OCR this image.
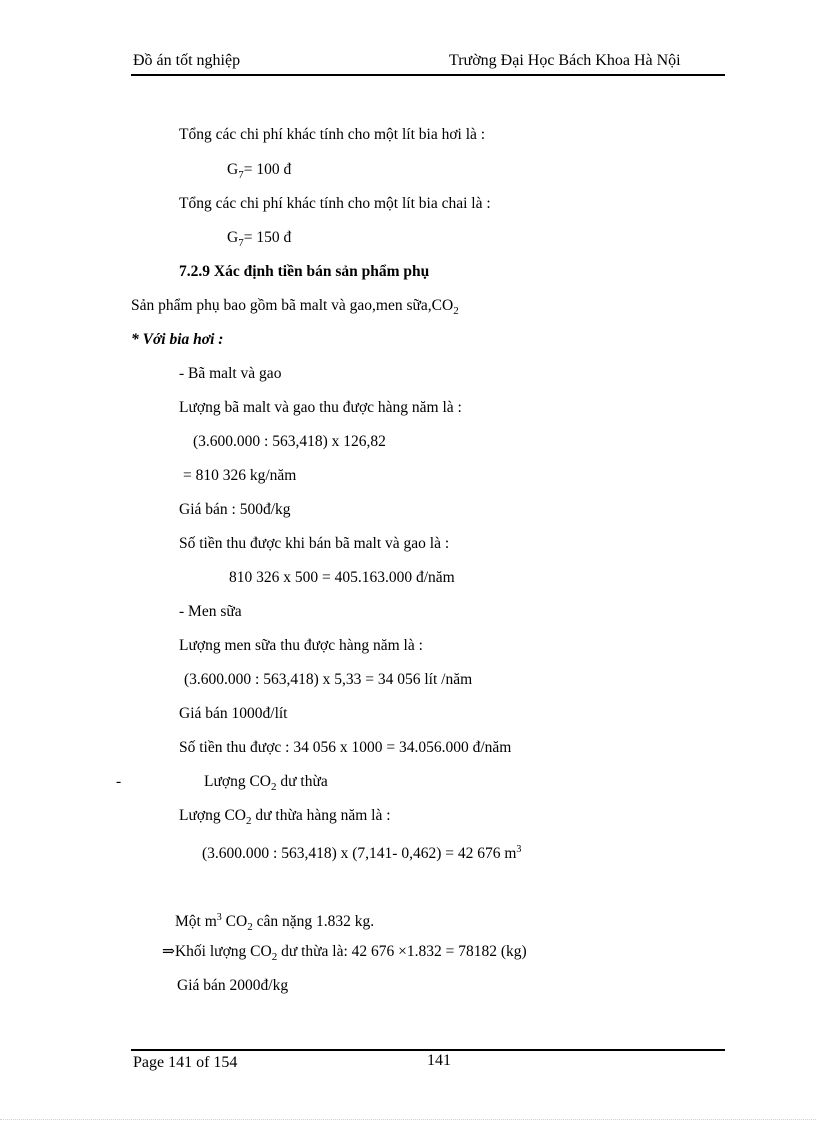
Đồ án tốt nghiệp	Trường Đại Học Bách Khoa Hà Nội
Tổng các chi phí khác tính cho một lít bia hơi là :
$G_7= 100$ đ
Tổng các chi phí khác tính cho một lít bia chai là :
$G_7= 150$ đ
7.2.9 Xác định tiền bán sản phẩm phụ
Sản phẩm phụ bao gồm bã malt và gao,men $sữa,CO_2$
* Với bia hơi :
- Bã malt và gao
Lượng bã malt và gao thu được hàng năm là :
(3.600.000 : 563,418) x 126,82
= 810 326 kg/năm
Giá bán : 500đ/kg
Số tiền thu được khi bán bã malt và gao là :
810 326 x 500 = 405.163.000 đ/năm
- Men sữa
Lượng men sữa thu được hàng năm là :
(3.600.000 : 563,418) x 5,33 = 34 056 lít /năm
Giá bán 1000đ/lít
Số tiền thu được : 34 056 x 1000 = 34.056.000 đ/năm
-	Lượng $CO_2$ dư thừa
Lượng $CO_2$ dư thừa hàng năm là :
(3.600.000 : 563,418) x (7,141- 0,462) = 42 676 $m^3$
Một $m^3$ $CO_2$ cân nặng 1.832 kg.
⇒Khối lượng $CO_2$ dư thừa là: 42 676 ×1.832 = 78182 (kg)
Giá bán 2000đ/kg
Page 141 of 154	141
